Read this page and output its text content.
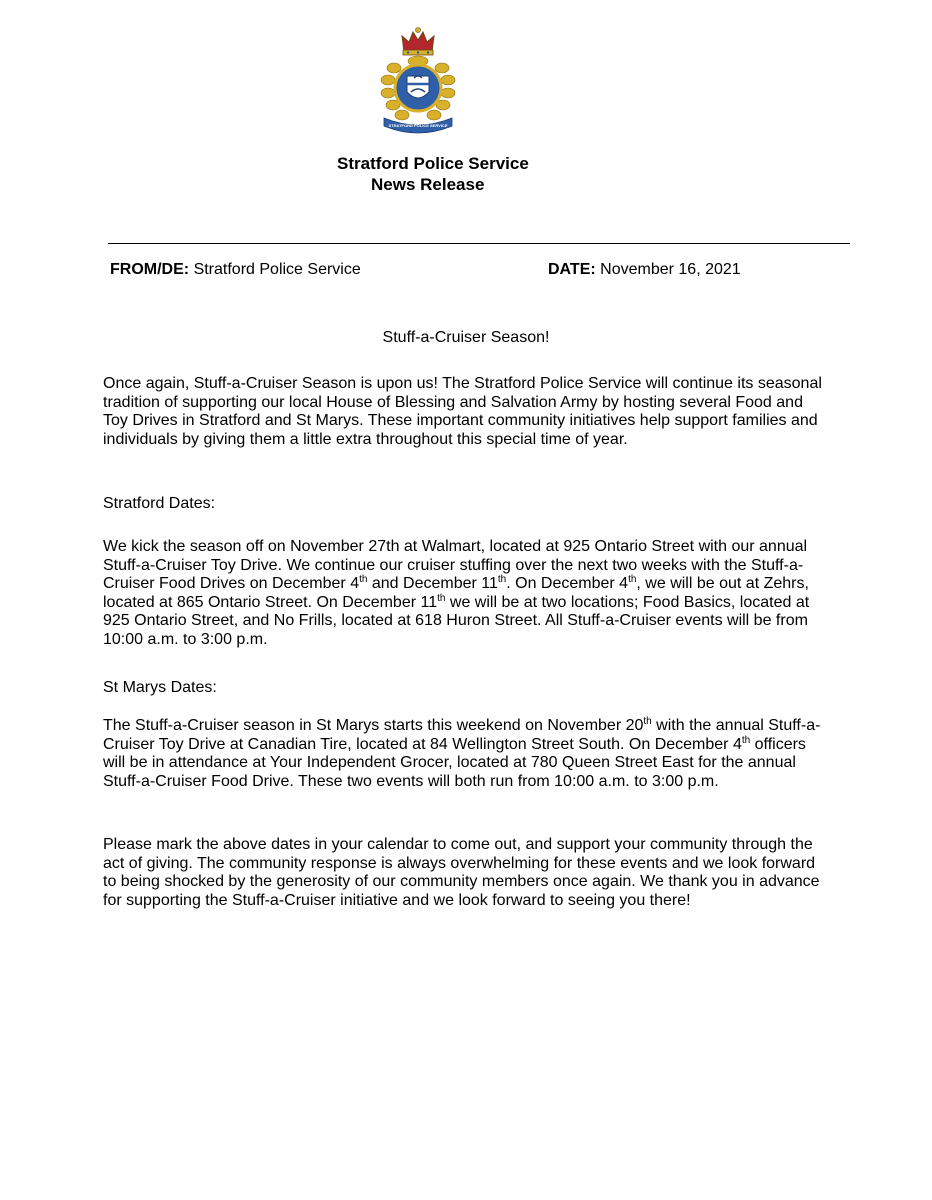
STRATFORD POLICE SERVICE
Stratford Police Service
News Release
FROM/DE: Stratford Police Service	DATE: November 16, 2021
Stuff-a-Cruiser Season!

Once again, Stuff-a-Cruiser Season is upon us! The Stratford Police Service will continue its seasonal tradition of supporting our local House of Blessing and Salvation Army by hosting several Food and Toy Drives in Stratford and St Marys. These important community initiatives help support families and individuals by giving them a little extra throughout this special time of year.

Stratford Dates:

We kick the season off on November 27th at Walmart, located at 925 Ontario Street with our annual Stuff-a-Cruiser Toy Drive. We continue our cruiser stuffing over the next two weeks with the Stuff-a-Cruiser Food Drives on December 4th and December 11th. On December 4th, we will be out at Zehrs, located at 865 Ontario Street. On December 11th we will be at two locations; Food Basics, located at 925 Ontario Street, and No Frills, located at 618 Huron Street. All Stuff-a-Cruiser events will be from 10:00 a.m. to 3:00 p.m.

St Marys Dates:

The Stuff-a-Cruiser season in St Marys starts this weekend on November 20th with the annual Stuff-a-Cruiser Toy Drive at Canadian Tire, located at 84 Wellington Street South. On December 4th officers will be in attendance at Your Independent Grocer, located at 780 Queen Street East for the annual Stuff-a-Cruiser Food Drive. These two events will both run from 10:00 a.m. to 3:00 p.m.

Please mark the above dates in your calendar to come out, and support your community through the act of giving. The community response is always overwhelming for these events and we look forward to being shocked by the generosity of our community members once again. We thank you in advance for supporting the Stuff-a-Cruiser initiative and we look forward to seeing you there!
